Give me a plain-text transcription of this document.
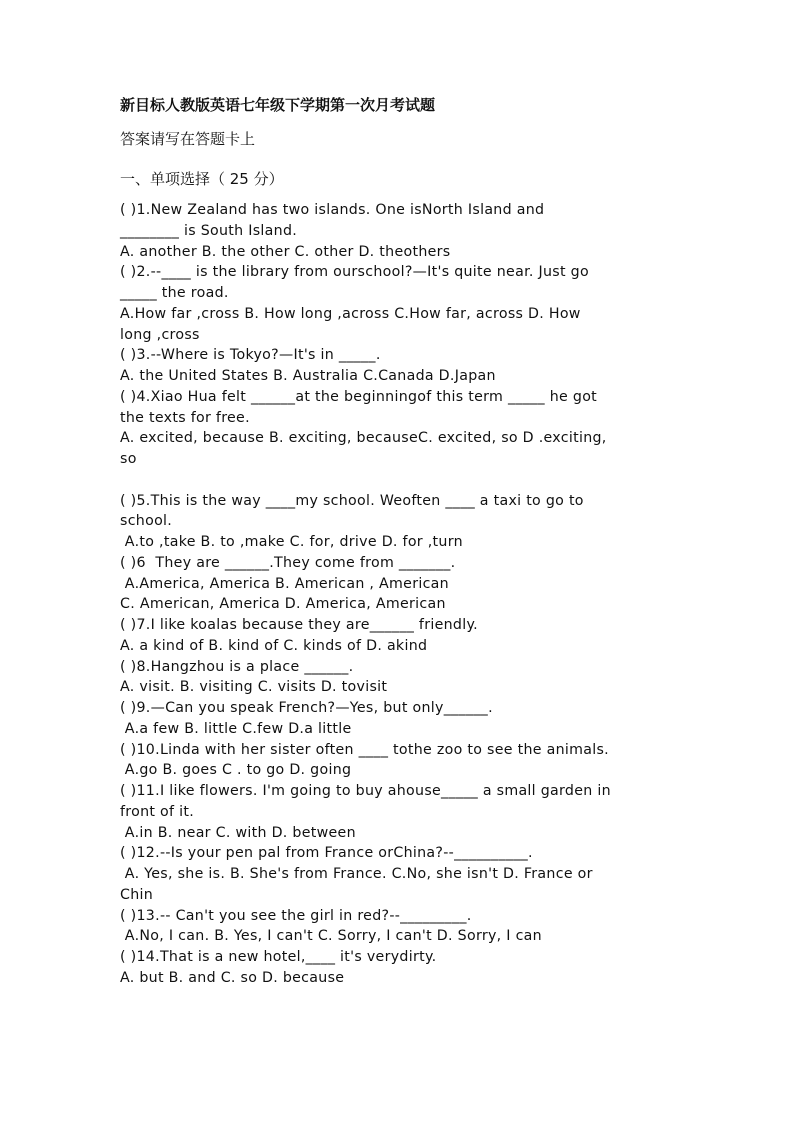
新目标人教版英语七年级下学期第一次月考试题
答案请写在答题卡上
一、单项选择（ 25 分）
( )1.New Zealand has two islands. One isNorth Island and
________ is South Island.
A. another B. the other C. other D. theothers
( )2.--____ is the library from ourschool?—It's quite near. Just go
_____ the road.
A.How far ,cross B. How long ,across C.How far, across D. How
long ,cross
( )3.--Where is Tokyo?—It's in _____.
A. the United States B. Australia C.Canada D.Japan
( )4.Xiao Hua felt ______at the beginningof this term _____ he got
the texts for free.
A. excited, because B. exciting, becauseC. excited, so D .exciting,
so
( )5.This is the way ____my school. Weoften ____ a taxi to go to
school.
A.to ,take B. to ,make C. for, drive D. for ,turn
( )6  They are ______.They come from _______.
A.America, America B. American , American
C. American, America D. America, American
( )7.I like koalas because they are______ friendly.
A. a kind of B. kind of C. kinds of D. akind
( )8.Hangzhou is a place ______.
A. visit. B. visiting C. visits D. tovisit
( )9.—Can you speak French?—Yes, but only______.
A.a few B. little C.few D.a little
( )10.Linda with her sister often ____ tothe zoo to see the animals.
A.go B. goes C . to go D. going
( )11.I like flowers. I'm going to buy ahouse_____ a small garden in
front of it.
A.in B. near C. with D. between
( )12.--Is your pen pal from France orChina?--__________.
A. Yes, she is. B. She's from France. C.No, she isn't D. France or
Chin
( )13.-- Can't you see the girl in red?--_________.
A.No, I can. B. Yes, I can't C. Sorry, I can't D. Sorry, I can
( )14.That is a new hotel,____ it's verydirty.
A. but B. and C. so D. because
